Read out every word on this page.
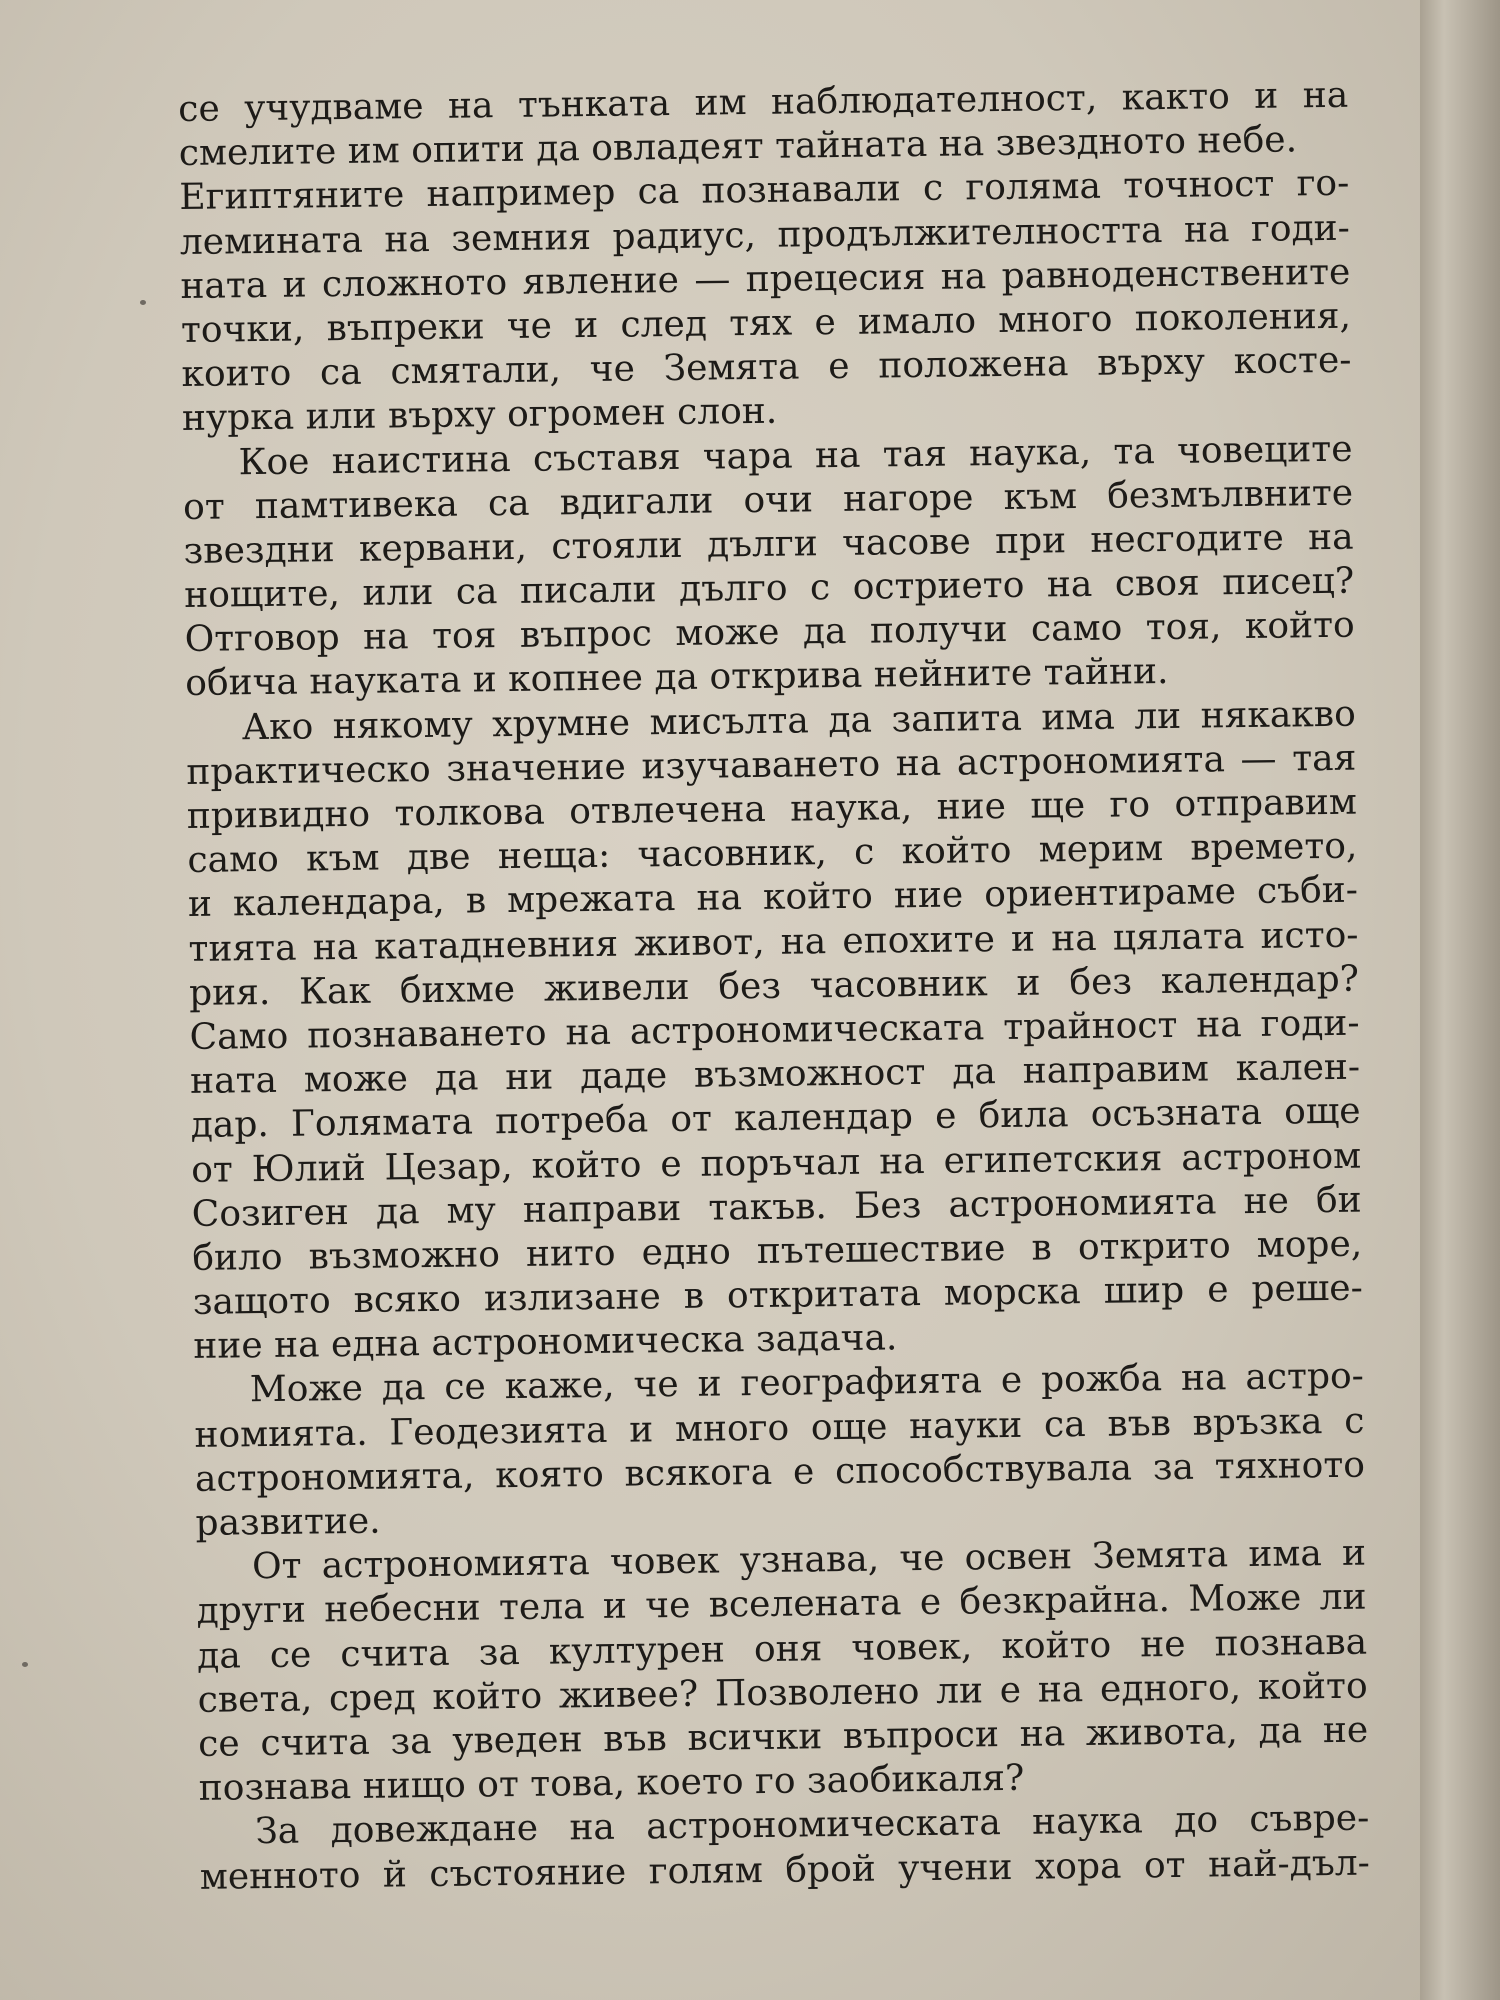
се учудваме на тънката им наблюдателност, както и на
смелите им опити да овладеят тайната на звездното небе.
Египтяните например са познавали с голяма точност го-
лемината на земния радиус, продължителността на годи-
ната и сложното явление — прецесия на равноденствените
точки, въпреки че и след тях е имало много поколения,
които са смятали, че Земята е положена върху косте-
нурка или върху огромен слон.
Кое наистина съставя чара на тая наука, та човеците
от памтивека са вдигали очи нагоре към безмълвните
звездни кервани, стояли дълги часове при несгодите на
нощите, или са писали дълго с острието на своя писец?
Отговор на тоя въпрос може да получи само тоя, който
обича науката и копнее да открива нейните тайни.
Ако някому хрумне мисълта да запита има ли някакво
практическо значение изучаването на астрономията — тая
привидно толкова отвлечена наука, ние ще го отправим
само към две неща: часовник, с който мерим времето,
и календара, в мрежата на който ние ориентираме съби-
тията на катадневния живот, на епохите и на цялата исто-
рия. Как бихме живели без часовник и без календар?
Само познаването на астрономическата трайност на годи-
ната може да ни даде възможност да направим кален-
дар. Голямата потреба от календар е била осъзната още
от Юлий Цезар, който е поръчал на египетския астроном
Созиген да му направи такъв. Без астрономията не би
било възможно нито едно пътешествие в открито море,
защото всяко излизане в откритата морска шир е реше-
ние на една астрономическа задача.
Може да се каже, че и географията е рожба на астро-
номията. Геодезията и много още науки са във връзка с
астрономията, която всякога е способствувала за тяхното
развитие.
От астрономията човек узнава, че освен Земята има и
други небесни тела и че вселената е безкрайна. Може ли
да се счита за културен оня човек, който не познава
света, сред който живее? Позволено ли е на едного, който
се счита за уведен във всички въпроси на живота, да не
познава нищо от това, което го заобикаля?
За довеждане на астрономическата наука до съвре-
менното й състояние голям брой учени хора от най-дъл-
